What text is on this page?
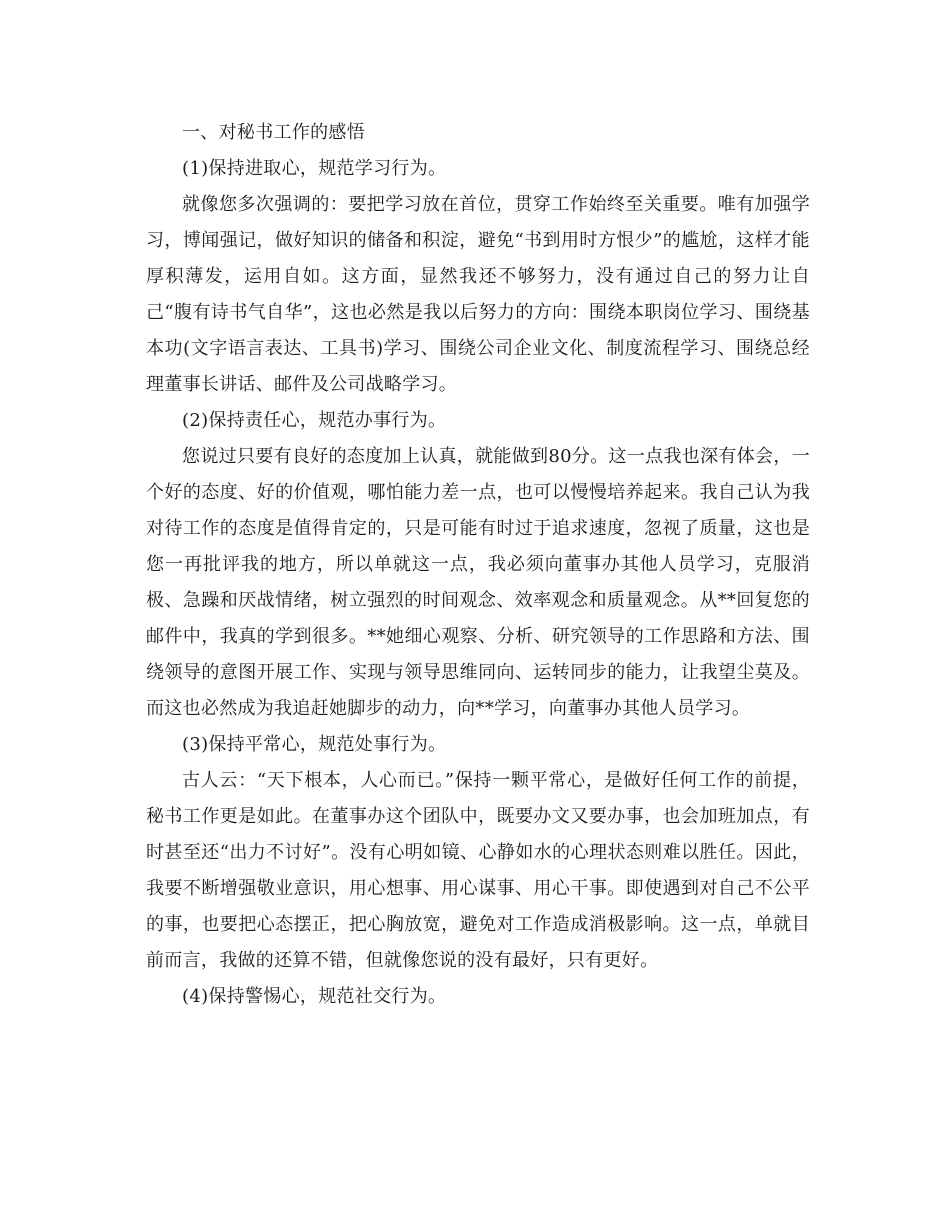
一、对秘书工作的感悟

(1)保持进取心，规范学习行为。

就像您多次强调的：要把学习放在首位，贯穿工作始终至关重要。唯有加强学习，博闻强记，做好知识的储备和积淀，避免“书到用时方恨少”的尴尬，这样才能厚积薄发，运用自如。这方面，显然我还不够努力，没有通过自己的努力让自己“腹有诗书气自华”，这也必然是我以后努力的方向：围绕本职岗位学习、围绕基本功(文字语言表达、工具书)学习、围绕公司企业文化、制度流程学习、围绕总经理董事长讲话、邮件及公司战略学习。

(2)保持责任心，规范办事行为。

您说过只要有良好的态度加上认真，就能做到80分。这一点我也深有体会，一个好的态度、好的价值观，哪怕能力差一点，也可以慢慢培养起来。我自己认为我对待工作的态度是值得肯定的，只是可能有时过于追求速度，忽视了质量，这也是您一再批评我的地方，所以单就这一点，我必须向董事办其他人员学习，克服消极、急躁和厌战情绪，树立强烈的时间观念、效率观念和质量观念。从**回复您的邮件中，我真的学到很多。**她细心观察、分析、研究领导的工作思路和方法、围绕领导的意图开展工作、实现与领导思维同向、运转同步的能力，让我望尘莫及。而这也必然成为我追赶她脚步的动力，向**学习，向董事办其他人员学习。

(3)保持平常心，规范处事行为。

古人云：“天下根本，人心而已。”保持一颗平常心，是做好任何工作的前提，秘书工作更是如此。在董事办这个团队中，既要办文又要办事，也会加班加点，有时甚至还“出力不讨好”。没有心明如镜、心静如水的心理状态则难以胜任。因此，我要不断增强敬业意识，用心想事、用心谋事、用心干事。即使遇到对自己不公平的事，也要把心态摆正，把心胸放宽，避免对工作造成消极影响。这一点，单就目前而言，我做的还算不错，但就像您说的没有最好，只有更好。

(4)保持警惕心，规范社交行为。
